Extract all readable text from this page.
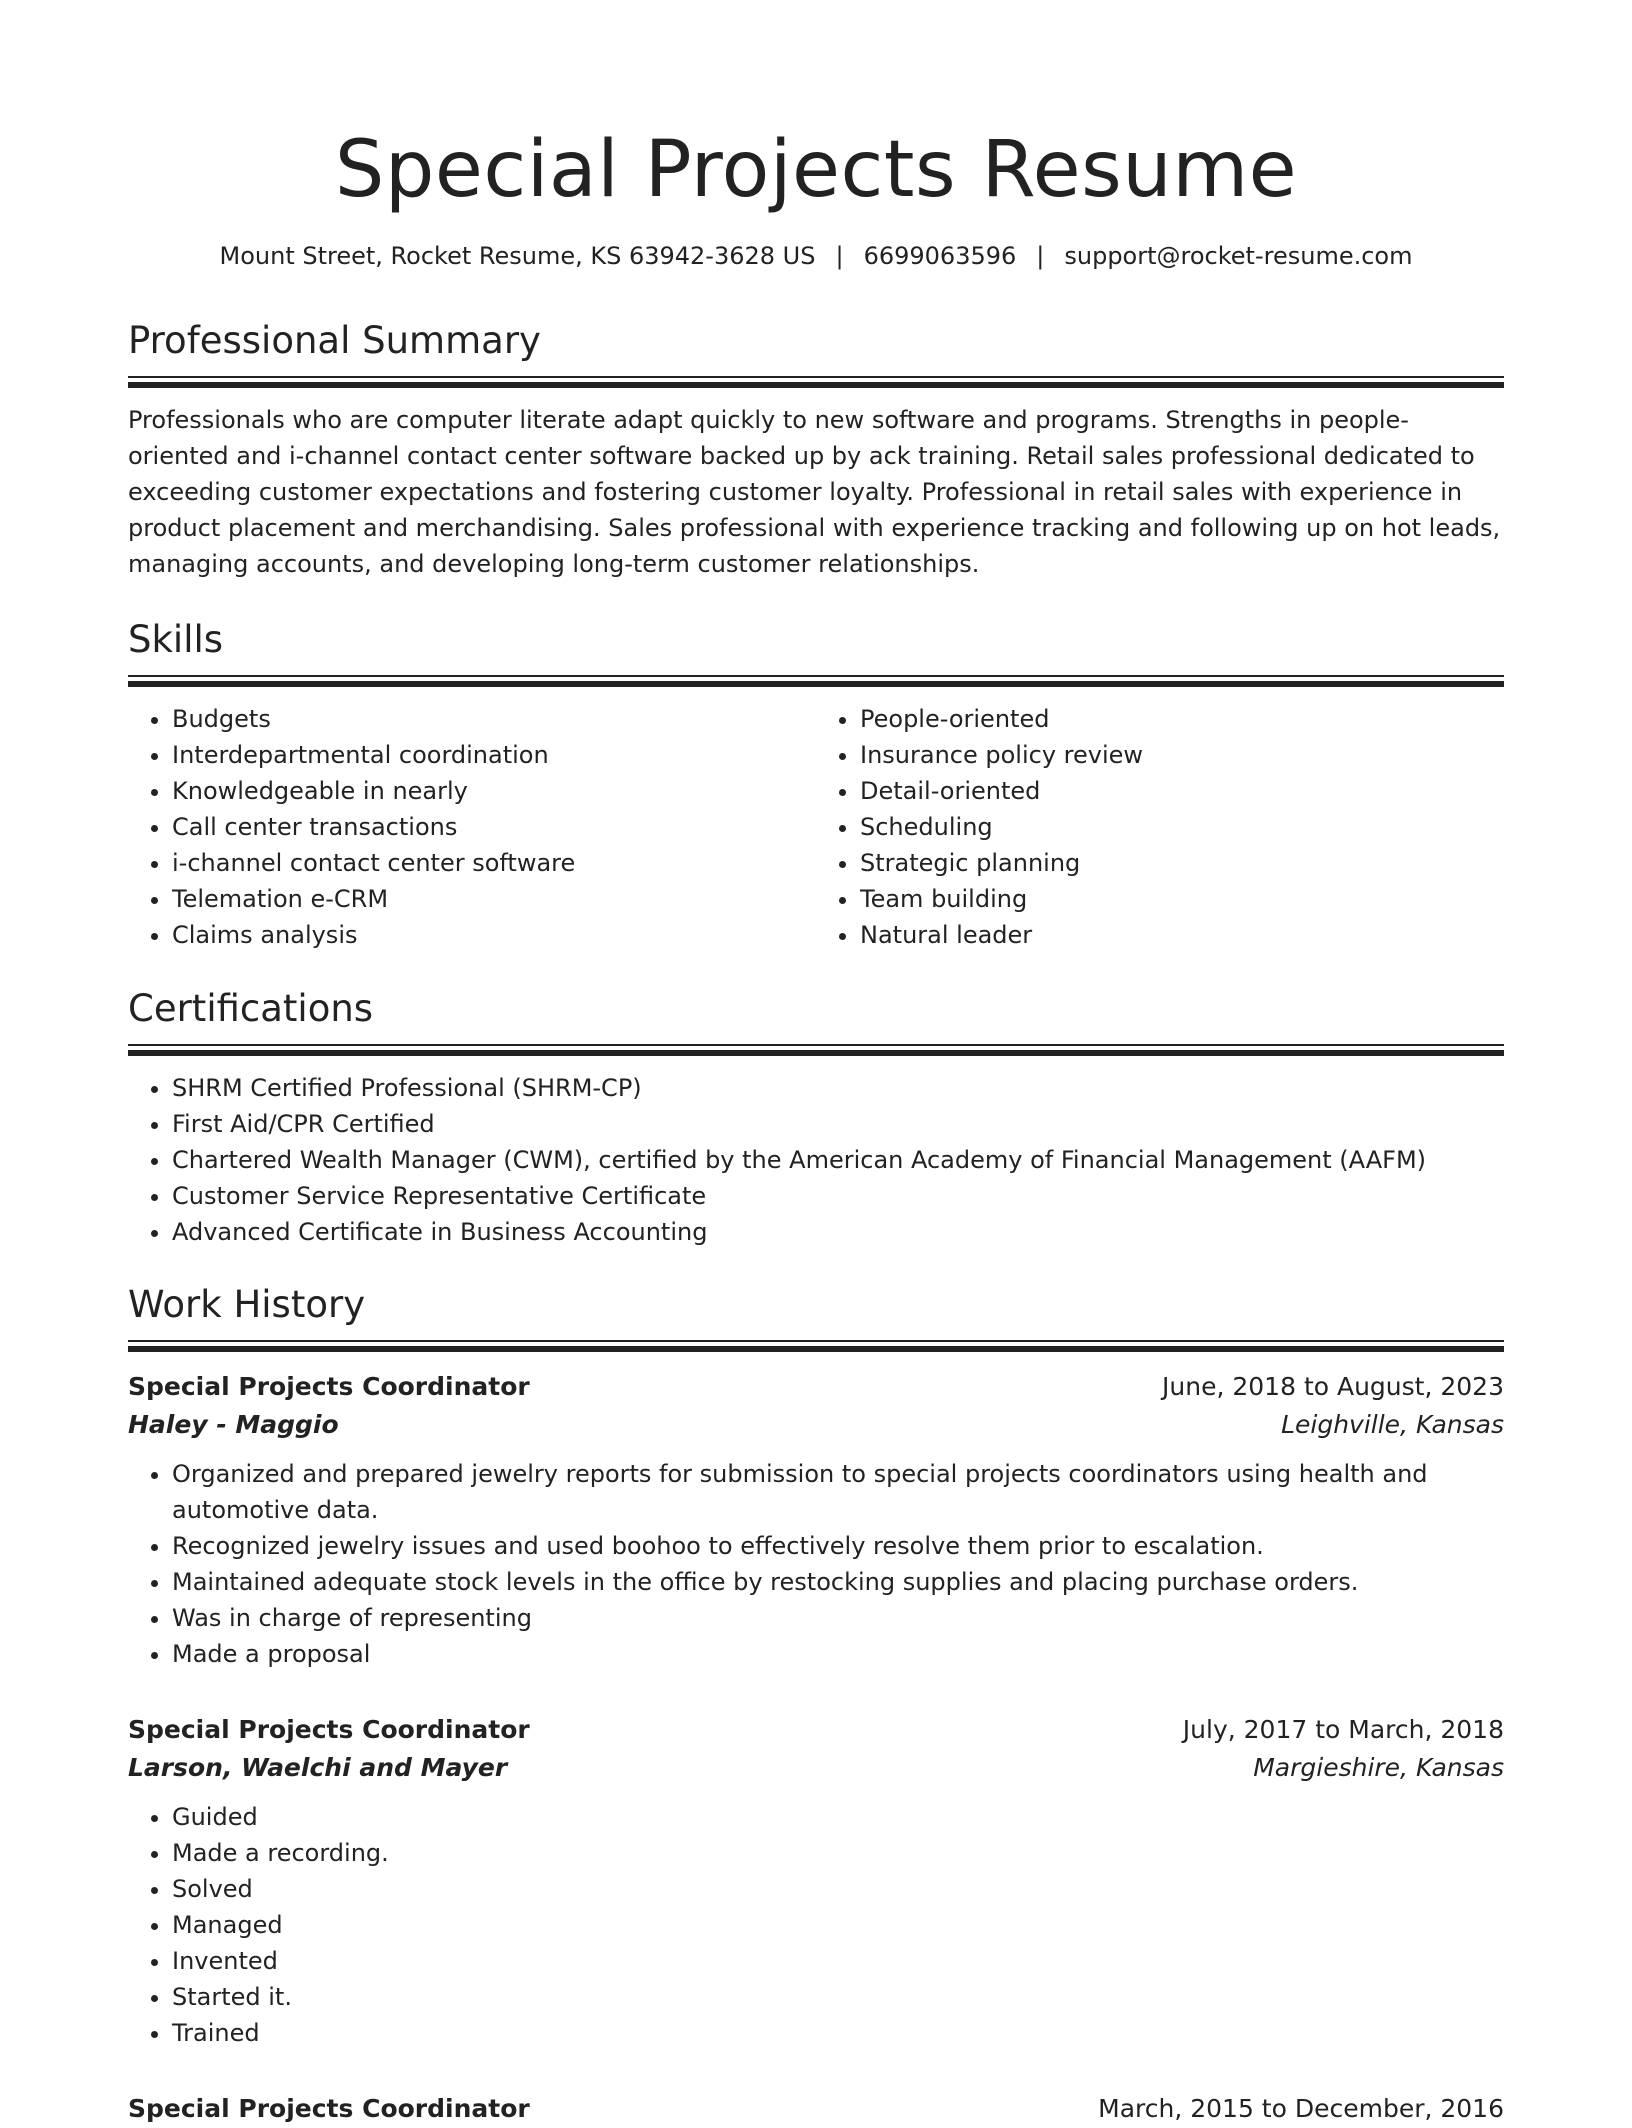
Special Projects Resume
Mount Street, Rocket Resume, KS 63942-3628 US | 6699063596 | support@rocket-resume.com
Professional Summary

Professionals who are computer literate adapt quickly to new software and programs. Strengths in people-oriented and i-channel contact center software backed up by ack training. Retail sales professional dedicated to exceeding customer expectations and fostering customer loyalty. Professional in retail sales with experience in product placement and merchandising. Sales professional with experience tracking and following up on hot leads, managing accounts, and developing long-term customer relationships.

Skills
• Budgets
• Interdepartmental coordination
• Knowledgeable in nearly
• Call center transactions
• i-channel contact center software
• Telemation e-CRM
• Claims analysis
• People-oriented
• Insurance policy review
• Detail-oriented
• Scheduling
• Strategic planning
• Team building
• Natural leader
Certifications
• SHRM Certified Professional (SHRM-CP)
• First Aid/CPR Certified
• Chartered Wealth Manager (CWM), certified by the American Academy of Financial Management (AAFM)
• Customer Service Representative Certificate
• Advanced Certificate in Business Accounting
Work History
Special Projects Coordinator	June, 2018 to August, 2023
Haley - Maggio	Leighville, Kansas
• Organized and prepared jewelry reports for submission to special projects coordinators using health and automotive data.
• Recognized jewelry issues and used boohoo to effectively resolve them prior to escalation.
• Maintained adequate stock levels in the office by restocking supplies and placing purchase orders.
• Was in charge of representing
• Made a proposal
Special Projects Coordinator	July, 2017 to March, 2018
Larson, Waelchi and Mayer	Margieshire, Kansas
• Guided
• Made a recording.
• Solved
• Managed
• Invented
• Started it.
• Trained
Special Projects Coordinator	March, 2015 to December, 2016
